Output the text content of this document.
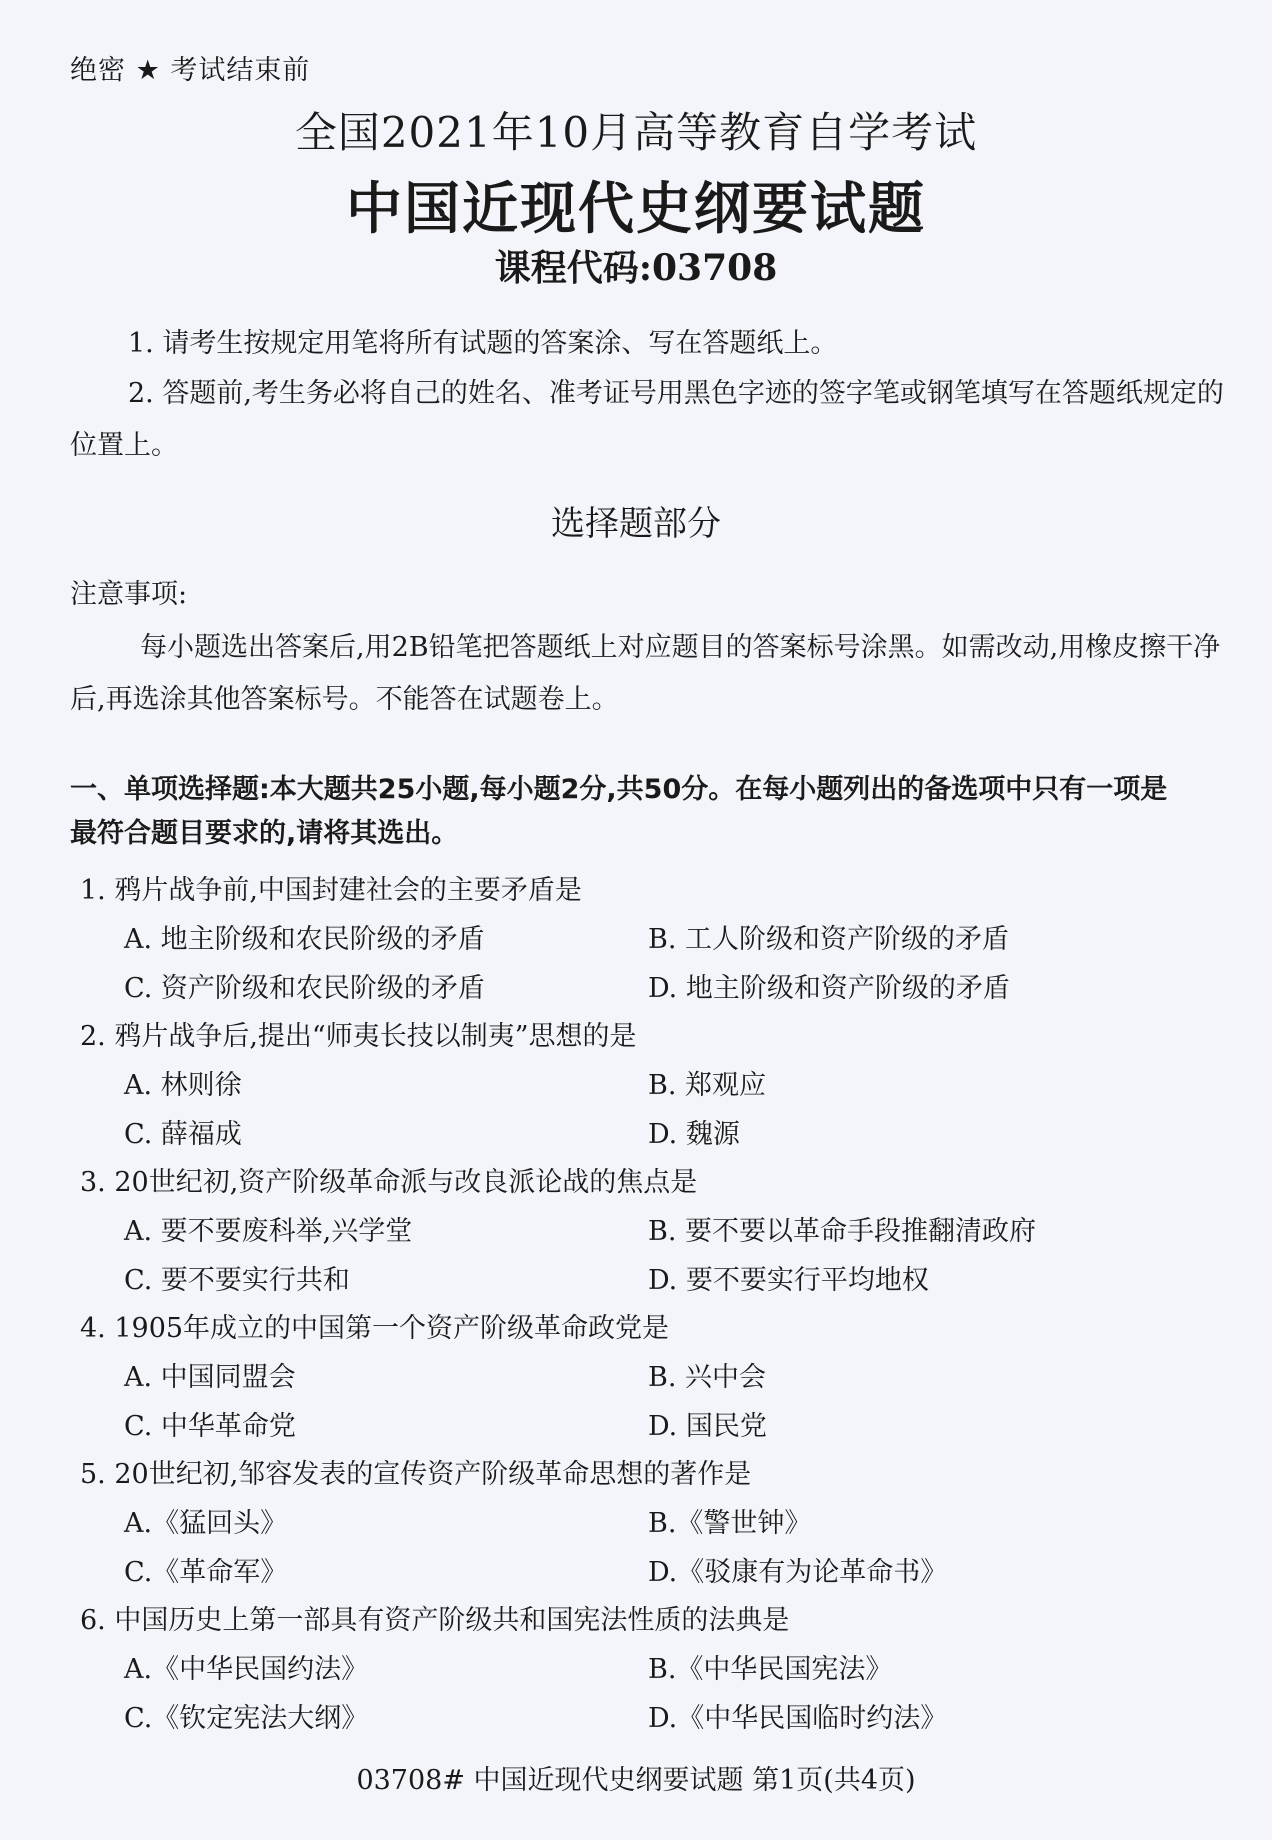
绝密 ★ 考试结束前
全国2021年10月高等教育自学考试
中国近现代史纲要试题
课程代码:03708
1. 请考生按规定用笔将所有试题的答案涂、写在答题纸上。
2. 答题前,考生务必将自己的姓名、准考证号用黑色字迹的签字笔或钢笔填写在答题纸规定的位置上。
选择题部分
注意事项:
每小题选出答案后,用2B铅笔把答题纸上对应题目的答案标号涂黑。如需改动,用橡皮擦干净后,再选涂其他答案标号。不能答在试题卷上。
一、单项选择题:本大题共25小题,每小题2分,共50分。在每小题列出的备选项中只有一项是最符合题目要求的,请将其选出。
1. 鸦片战争前,中国封建社会的主要矛盾是
A. 地主阶级和农民阶级的矛盾	B. 工人阶级和资产阶级的矛盾
C. 资产阶级和农民阶级的矛盾	D. 地主阶级和资产阶级的矛盾
2. 鸦片战争后,提出“师夷长技以制夷”思想的是
A. 林则徐	B. 郑观应
C. 薛福成	D. 魏源
3. 20世纪初,资产阶级革命派与改良派论战的焦点是
A. 要不要废科举,兴学堂	B. 要不要以革命手段推翻清政府
C. 要不要实行共和	D. 要不要实行平均地权
4. 1905年成立的中国第一个资产阶级革命政党是
A. 中国同盟会	B. 兴中会
C. 中华革命党	D. 国民党
5. 20世纪初,邹容发表的宣传资产阶级革命思想的著作是
A.《猛回头》	B.《警世钟》
C.《革命军》	D.《驳康有为论革命书》
6. 中国历史上第一部具有资产阶级共和国宪法性质的法典是
A.《中华民国约法》	B.《中华民国宪法》
C.《钦定宪法大纲》	D.《中华民国临时约法》
03708# 中国近现代史纲要试题 第1页(共4页)
